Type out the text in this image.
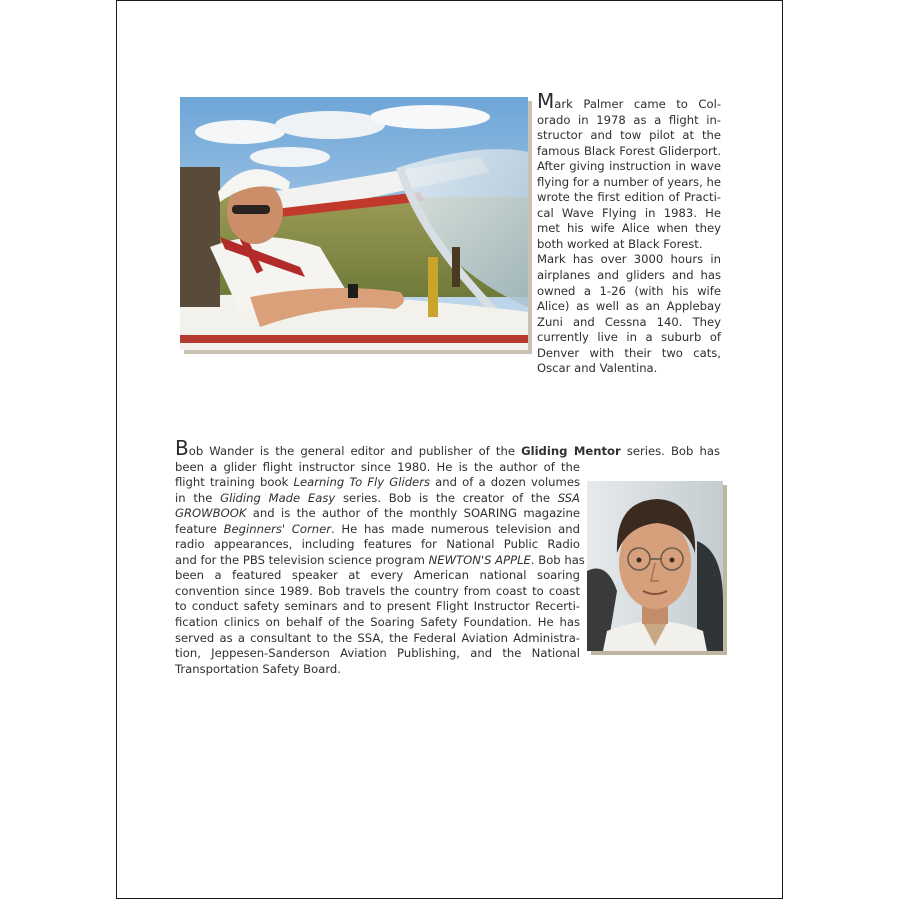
Mark Palmer came to Col-
orado in 1978 as a flight in-
structor and tow pilot at the
famous Black Forest Gliderport.
After giving instruction in wave
flying for a number of years, he
wrote the first edition of Practi-
cal Wave Flying in 1983. He
met his wife Alice when they
both worked at Black Forest.
Mark has over 3000 hours in
airplanes and gliders and has
owned a 1-26 (with his wife
Alice) as well as an Applebay
Zuni and Cessna 140. They
currently live in a suburb of
Denver with their two cats,
Oscar and Valentina.

Bob Wander is the general editor and publisher of the Gliding Mentor series. Bob has
been a glider flight instructor since 1980. He is the author of the
flight training book Learning To Fly Gliders and of a dozen volumes
in the Gliding Made Easy series. Bob is the creator of the SSA
GROWBOOK and is the author of the monthly SOARING magazine
feature Beginners' Corner. He has made numerous television and
radio appearances, including features for National Public Radio
and for the PBS television science program NEWTON'S APPLE. Bob has
been a featured speaker at every American national soaring
convention since 1989. Bob travels the country from coast to coast
to conduct safety seminars and to present Flight Instructor Recerti-
fication clinics on behalf of the Soaring Safety Foundation. He has
served as a consultant to the SSA, the Federal Aviation Administra-
tion, Jeppesen-Sanderson Aviation Publishing, and the National
Transportation Safety Board.
